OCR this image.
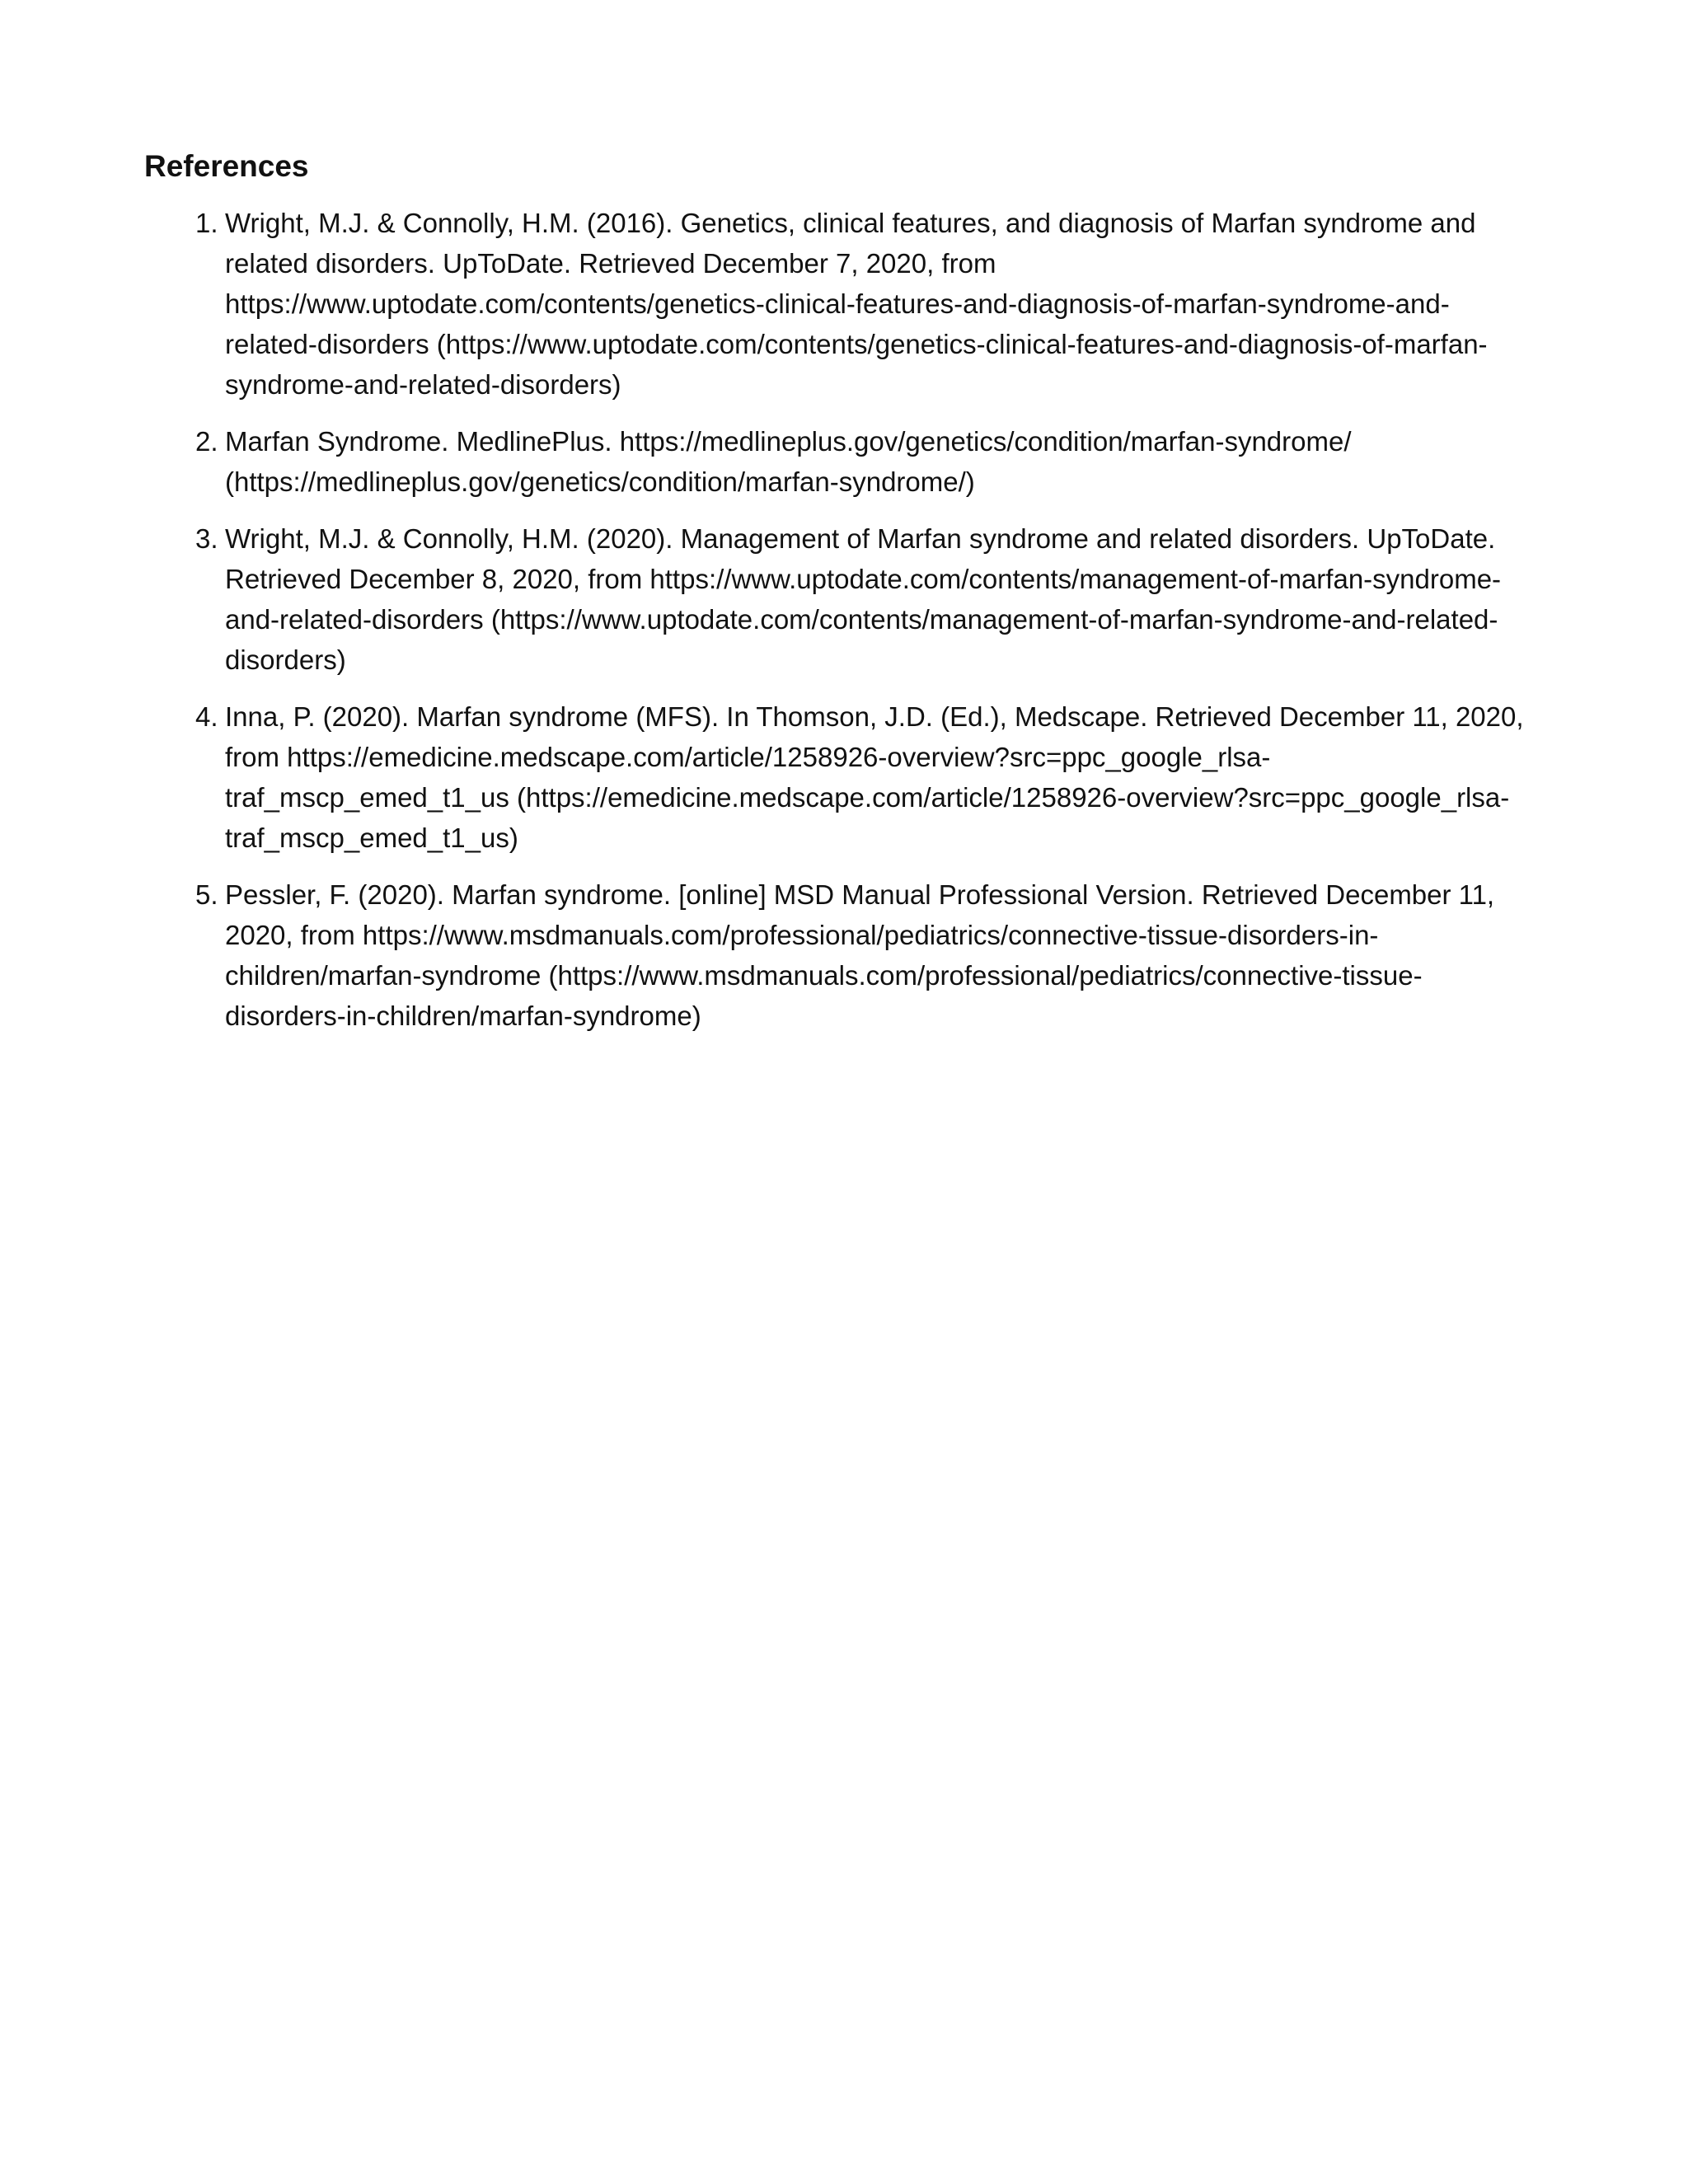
References
1. Wright, M.J. & Connolly, H.M. (2016). Genetics, clinical features, and diagnosis of Marfan syndrome and related disorders. UpToDate. Retrieved December 7, 2020, from https://www.uptodate.com/contents/genetics-clinical-features-and-diagnosis-of-marfan-syndrome-and-related-disorders (https://www.uptodate.com/contents/genetics-clinical-features-and-diagnosis-of-marfan-syndrome-and-related-disorders)
2. Marfan Syndrome. MedlinePlus. https://medlineplus.gov/genetics/condition/marfan-syndrome/ (https://medlineplus.gov/genetics/condition/marfan-syndrome/)
3. Wright, M.J. & Connolly, H.M. (2020). Management of Marfan syndrome and related disorders. UpToDate. Retrieved December 8, 2020, from https://www.uptodate.com/contents/management-of-marfan-syndrome-and-related-disorders (https://www.uptodate.com/contents/management-of-marfan-syndrome-and-related-disorders)
4. Inna, P. (2020). Marfan syndrome (MFS). In Thomson, J.D. (Ed.), Medscape. Retrieved December 11, 2020, from https://emedicine.medscape.com/article/1258926-overview?src=ppc_google_rlsa-traf_mscp_emed_t1_us (https://emedicine.medscape.com/article/1258926-overview?src=ppc_google_rlsa-traf_mscp_emed_t1_us)
5. Pessler, F. (2020). Marfan syndrome. [online] MSD Manual Professional Version. Retrieved December 11, 2020, from https://www.msdmanuals.com/professional/pediatrics/connective-tissue-disorders-in-children/marfan-syndrome (https://www.msdmanuals.com/professional/pediatrics/connective-tissue-disorders-in-children/marfan-syndrome)
